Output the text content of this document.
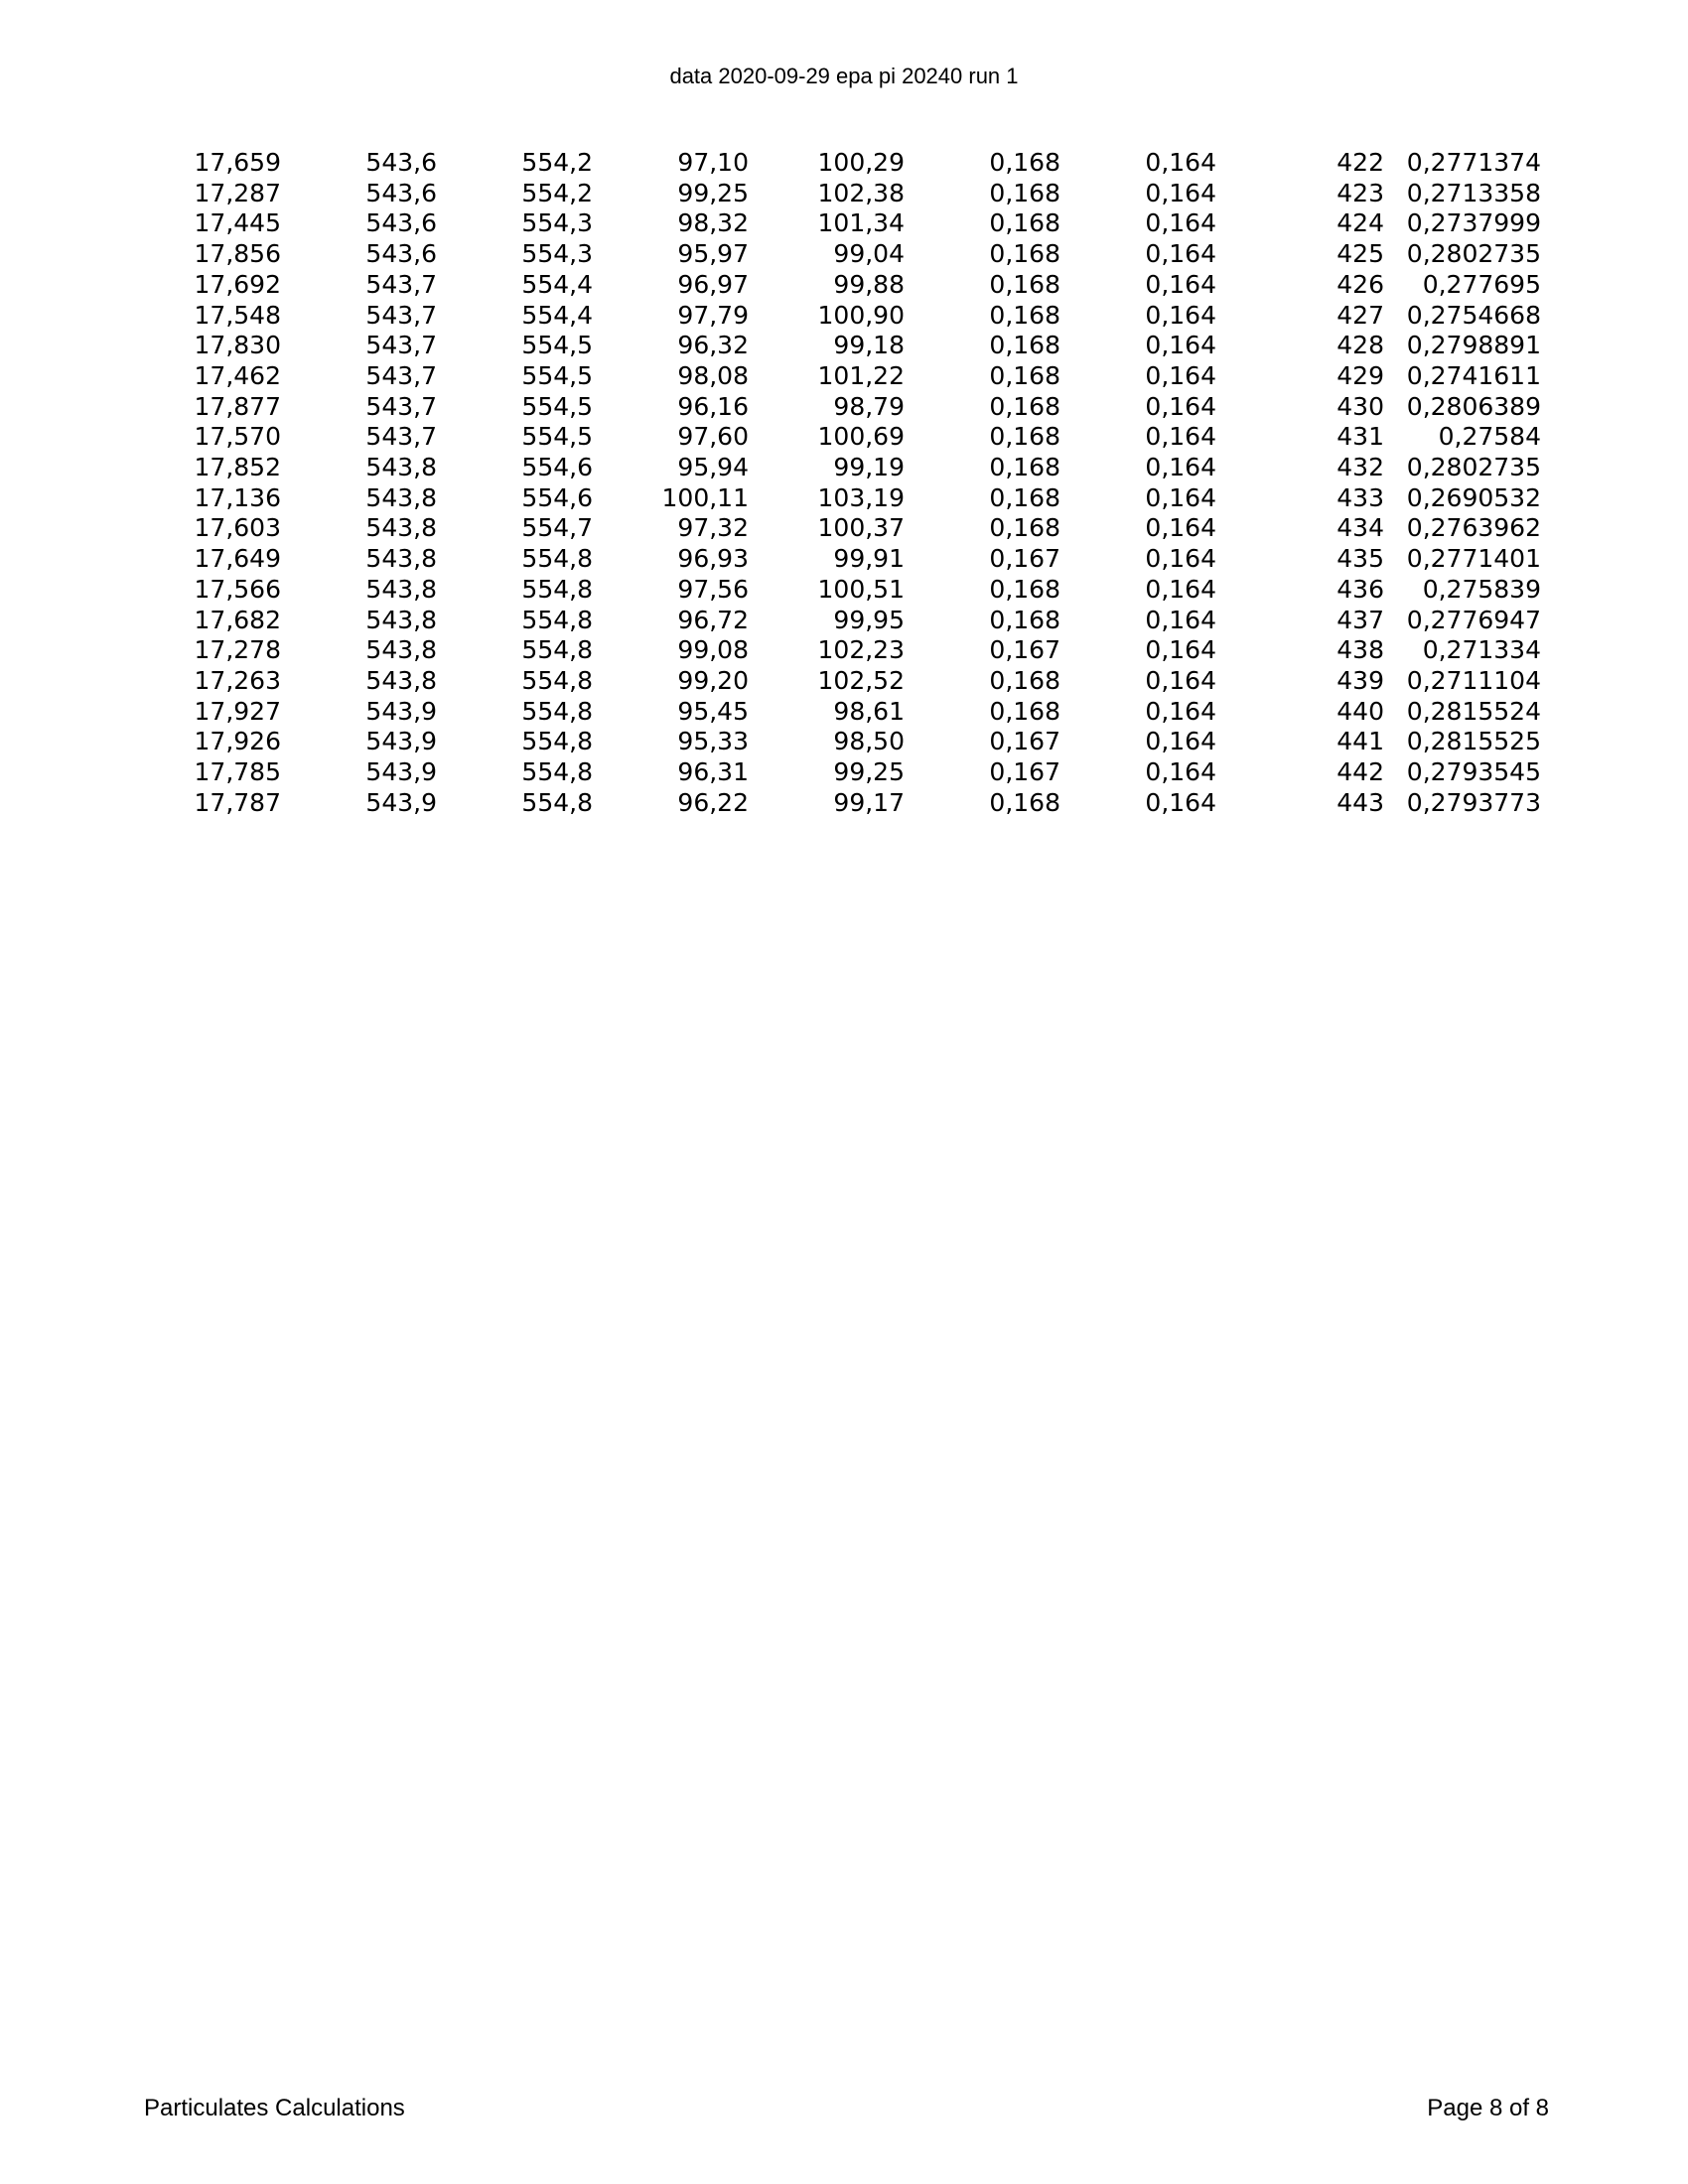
data 2020-09-29 epa pi 20240 run 1
17,659	543,6	554,2	97,10	100,29	0,168	0,164	422	0,2771374
17,287	543,6	554,2	99,25	102,38	0,168	0,164	423	0,2713358
17,445	543,6	554,3	98,32	101,34	0,168	0,164	424	0,2737999
17,856	543,6	554,3	95,97	99,04	0,168	0,164	425	0,2802735
17,692	543,7	554,4	96,97	99,88	0,168	0,164	426	0,277695
17,548	543,7	554,4	97,79	100,90	0,168	0,164	427	0,2754668
17,830	543,7	554,5	96,32	99,18	0,168	0,164	428	0,2798891
17,462	543,7	554,5	98,08	101,22	0,168	0,164	429	0,2741611
17,877	543,7	554,5	96,16	98,79	0,168	0,164	430	0,2806389
17,570	543,7	554,5	97,60	100,69	0,168	0,164	431	0,27584
17,852	543,8	554,6	95,94	99,19	0,168	0,164	432	0,2802735
17,136	543,8	554,6	100,11	103,19	0,168	0,164	433	0,2690532
17,603	543,8	554,7	97,32	100,37	0,168	0,164	434	0,2763962
17,649	543,8	554,8	96,93	99,91	0,167	0,164	435	0,2771401
17,566	543,8	554,8	97,56	100,51	0,168	0,164	436	0,275839
17,682	543,8	554,8	96,72	99,95	0,168	0,164	437	0,2776947
17,278	543,8	554,8	99,08	102,23	0,167	0,164	438	0,271334
17,263	543,8	554,8	99,20	102,52	0,168	0,164	439	0,2711104
17,927	543,9	554,8	95,45	98,61	0,168	0,164	440	0,2815524
17,926	543,9	554,8	95,33	98,50	0,167	0,164	441	0,2815525
17,785	543,9	554,8	96,31	99,25	0,167	0,164	442	0,2793545
17,787	543,9	554,8	96,22	99,17	0,168	0,164	443	0,2793773
Particulates Calculations	Page 8 of 8
